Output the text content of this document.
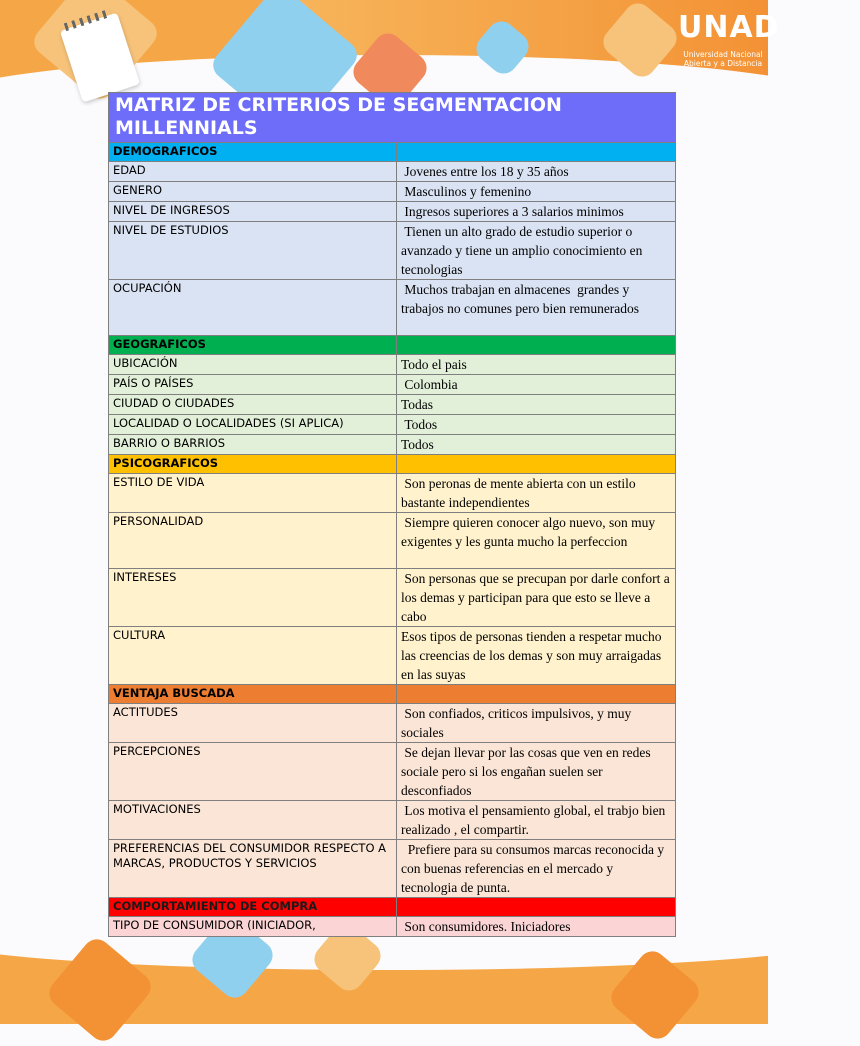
UNAD
Universidad Nacional
Abierta y a Distancia
MATRIZ DE CRITERIOS DE SEGMENTACION
MILLENNIALS	

DEMOGRAFICOS	
EDAD	Jovenes entre los 18 y 35 años
GENERO	Masculinos y femenino
NIVEL DE INGRESOS	Ingresos superiores a 3 salarios minimos
NIVEL DE ESTUDIOS	Tienen un alto grado de estudio superior o avanzado y tiene un amplio conocimiento en tecnologias
OCUPACIÓN	Muchos trabajan en almacenes  grandes y trabajos no comunes pero bien remunerados
GEOGRAFICOS	
UBICACIÓN	Todo el pais
PAÍS O PAÍSES	Colombia
CIUDAD O CIUDADES	Todas
LOCALIDAD O LOCALIDADES (SI APLICA)	Todos
BARRIO O BARRIOS	Todos
PSICOGRAFICOS	
ESTILO DE VIDA	Son peronas de mente abierta con un estilo bastante independientes
PERSONALIDAD	Siempre quieren conocer algo nuevo, son muy exigentes y les gunta mucho la perfeccion
INTERESES	Son personas que se precupan por darle confort a los demas y participan para que esto se lleve a cabo
CULTURA	Esos tipos de personas tienden a respetar mucho las creencias de los demas y son muy arraigadas en las suyas
VENTAJA BUSCADA	
ACTITUDES	Son confiados, criticos impulsivos, y muy sociales
PERCEPCIONES	Se dejan llevar por las cosas que ven en redes sociale pero si los engañan suelen ser desconfiados
MOTIVACIONES	Los motiva el pensamiento global, el trabjo bien realizado , el compartir.
PREFERENCIAS DEL CONSUMIDOR RESPECTO A MARCAS, PRODUCTOS Y SERVICIOS	Prefiere para su consumos marcas reconocida y con buenas referencias en el mercado y tecnologia de punta.
COMPORTAMIENTO DE COMPRA	
TIPO DE CONSUMIDOR (INICIADOR,	Son consumidores. Iniciadores
